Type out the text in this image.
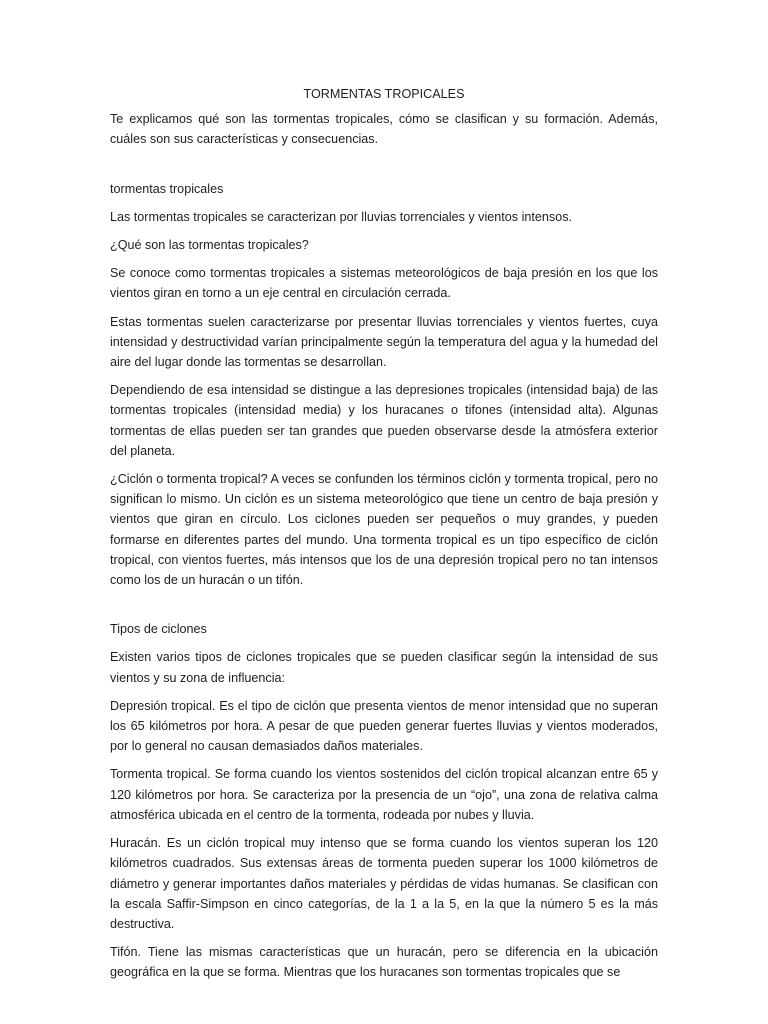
TORMENTAS TROPICALES

Te explicamos qué son las tormentas tropicales, cómo se clasifican y su formación. Además, cuáles son sus características y consecuencias.

tormentas tropicales

Las tormentas tropicales se caracterizan por lluvias torrenciales y vientos intensos.

¿Qué son las tormentas tropicales?

Se conoce como tormentas tropicales a sistemas meteorológicos de baja presión en los que los vientos giran en torno a un eje central en circulación cerrada.

Estas tormentas suelen caracterizarse por presentar lluvias torrenciales y vientos fuertes, cuya intensidad y destructividad varían principalmente según la temperatura del agua y la humedad del aire del lugar donde las tormentas se desarrollan.

Dependiendo de esa intensidad se distingue a las depresiones tropicales (intensidad baja) de las tormentas tropicales (intensidad media) y los huracanes o tifones (intensidad alta). Algunas tormentas de ellas pueden ser tan grandes que pueden observarse desde la atmósfera exterior del planeta.

¿Ciclón o tormenta tropical? A veces se confunden los términos ciclón y tormenta tropical, pero no significan lo mismo. Un ciclón es un sistema meteorológico que tiene un centro de baja presión y vientos que giran en círculo. Los ciclones pueden ser pequeños o muy grandes, y pueden formarse en diferentes partes del mundo. Una tormenta tropical es un tipo específico de ciclón tropical, con vientos fuertes, más intensos que los de una depresión tropical pero no tan intensos como los de un huracán o un tifón.

Tipos de ciclones

Existen varios tipos de ciclones tropicales que se pueden clasificar según la intensidad de sus vientos y su zona de influencia:

Depresión tropical. Es el tipo de ciclón que presenta vientos de menor intensidad que no superan los 65 kilómetros por hora. A pesar de que pueden generar fuertes lluvias y vientos moderados, por lo general no causan demasiados daños materiales.

Tormenta tropical. Se forma cuando los vientos sostenidos del ciclón tropical alcanzan entre 65 y 120 kilómetros por hora. Se caracteriza por la presencia de un “ojo”, una zona de relativa calma atmosférica ubicada en el centro de la tormenta, rodeada por nubes y lluvia.

Huracán. Es un ciclón tropical muy intenso que se forma cuando los vientos superan los 120 kilómetros cuadrados. Sus extensas áreas de tormenta pueden superar los 1000 kilómetros de diámetro y generar importantes daños materiales y pérdidas de vidas humanas. Se clasifican con la escala Saffir-Simpson en cinco categorías, de la 1 a la 5, en la que la número 5 es la más destructiva.

Tifón. Tiene las mismas características que un huracán, pero se diferencia en la ubicación geográfica en la que se forma. Mientras que los huracanes son tormentas tropicales que se
